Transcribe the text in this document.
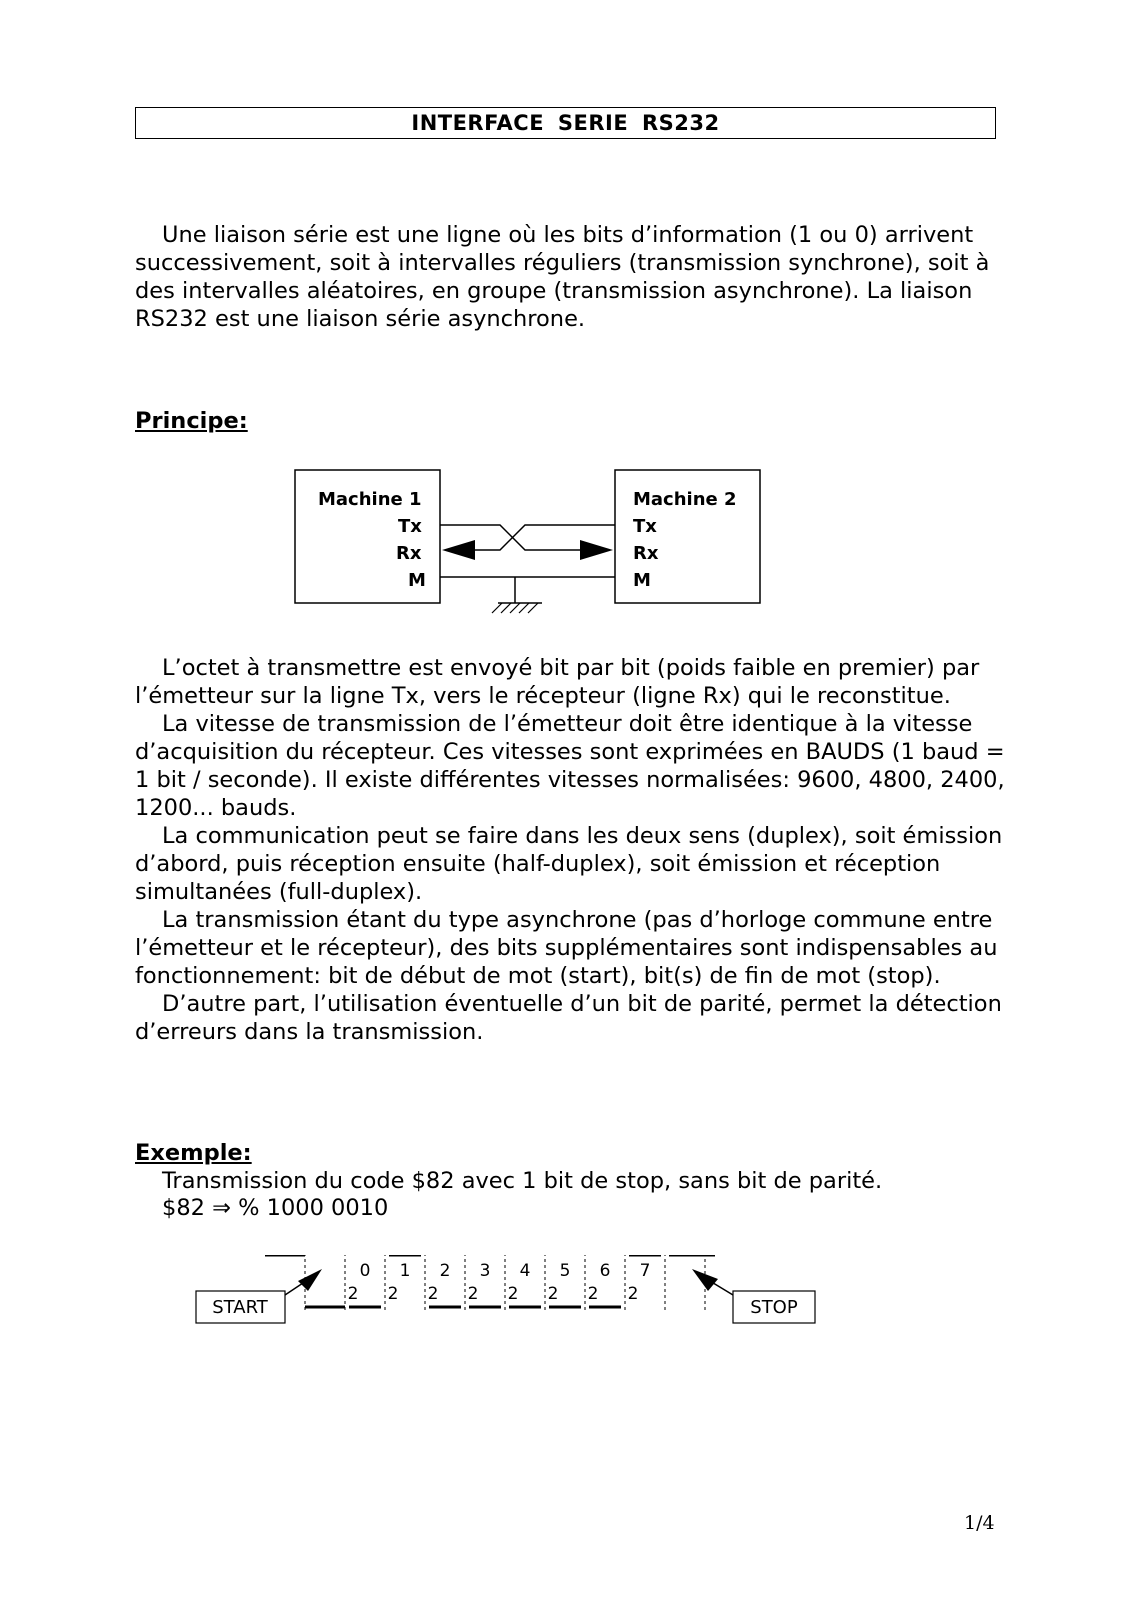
INTERFACE SERIE RS232

Une liaison série est une ligne où les bits d’information (1 ou 0) arrivent successivement, soit à intervalles réguliers (transmission synchrone), soit à des intervalles aléatoires, en groupe (transmission asynchrone). La liaison RS232 est une liaison série asynchrone.

Principe:
Machine 1
Tx
Rx
M
Machine 2
Tx
Rx
M

L’octet à transmettre est envoyé bit par bit (poids faible en premier) par l’émetteur sur la ligne Tx, vers le récepteur (ligne Rx) qui le reconstitue.

La vitesse de transmission de l’émetteur doit être identique à la vitesse d’acquisition du récepteur. Ces vitesses sont exprimées en BAUDS (1 baud = 1 bit / seconde). Il existe différentes vitesses normalisées: 9600, 4800, 2400, 1200... bauds.

La communication peut se faire dans les deux sens (duplex), soit émission d’abord, puis réception ensuite (half-duplex), soit émission et réception simultanées (full-duplex).

La transmission étant du type asynchrone (pas d’horloge commune entre l’émetteur et le récepteur), des bits supplémentaires sont indispensables au fonctionnement: bit de début de mot (start), bit(s) de fin de mot (stop).

D’autre part, l’utilisation éventuelle d’un bit de parité, permet la détection d’erreurs dans la transmission.

Exemple:
Transmission du code $82 avec 1 bit de stop, sans bit de parité.
$82 ⇒ % 1000 0010
START	STOP
0
2
1
2
2
2
3
2
4
2
5
2
6
2
7
2
1/4
